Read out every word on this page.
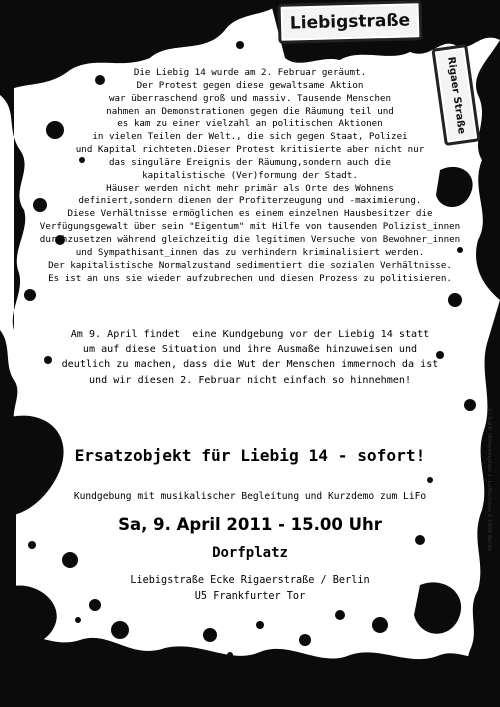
Liebigstraße
Rigaer Straße
Die Liebig 14 wurde am 2. Februar geräumt.
Der Protest gegen diese gewaltsame Aktion
war überraschend groß und massiv. Tausende Menschen
nahmen an Demonstrationen gegen die Räumung teil und
es kam zu einer vielzahl an politischen Aktionen
in vielen Teilen der Welt., die sich gegen Staat, Polizei
und Kapital richteten.Dieser Protest kritisierte aber nicht nur
das singuläre Ereignis der Räumung,sondern auch die
kapitalistische (Ver)formung der Stadt.
Häuser werden nicht mehr primär als Orte des Wohnens
definiert,sondern dienen der Profiterzeugung und -maximierung.
Diese Verhältnisse ermöglichen es einem einzelnen Hausbesitzer die
Verfügungsgewalt über sein "Eigentum" mit Hilfe von tausenden Polizist_innen
durchzusetzen während gleichzeitig die legitimen Versuche von Bewohner_innen
und Sympathisant_innen das zu verhindern kriminalisiert werden.
Der kapitalistische Normalzustand sedimentiert die sozialen Verhältnisse.
Es ist an uns sie wieder aufzubrechen und diesen Prozess zu politisieren.
Am 9. April findet  eine Kundgebung vor der Liebig 14 statt
um auf diese Situation und ihre Ausmaße hinzuweisen und
deutlich zu machen, dass die Wut der Menschen immernoch da ist
und wir diesen 2. Februar nicht einfach so hinnehmen!
Ersatzobjekt für Liebig 14 - sofort!
Kundgebung mit musikalischer Begleitung und Kurzdemo zum LiFo
Sa, 9. April 2011 - 15.00 Uhr
Dorfplatz
Liebigstraße Ecke Rigaerstraße / Berlin
U5 Frankfurter Tor
V.i.S.d.P. Wilhelmsplatz 1, Luftschloss 2 1000 Berlin
